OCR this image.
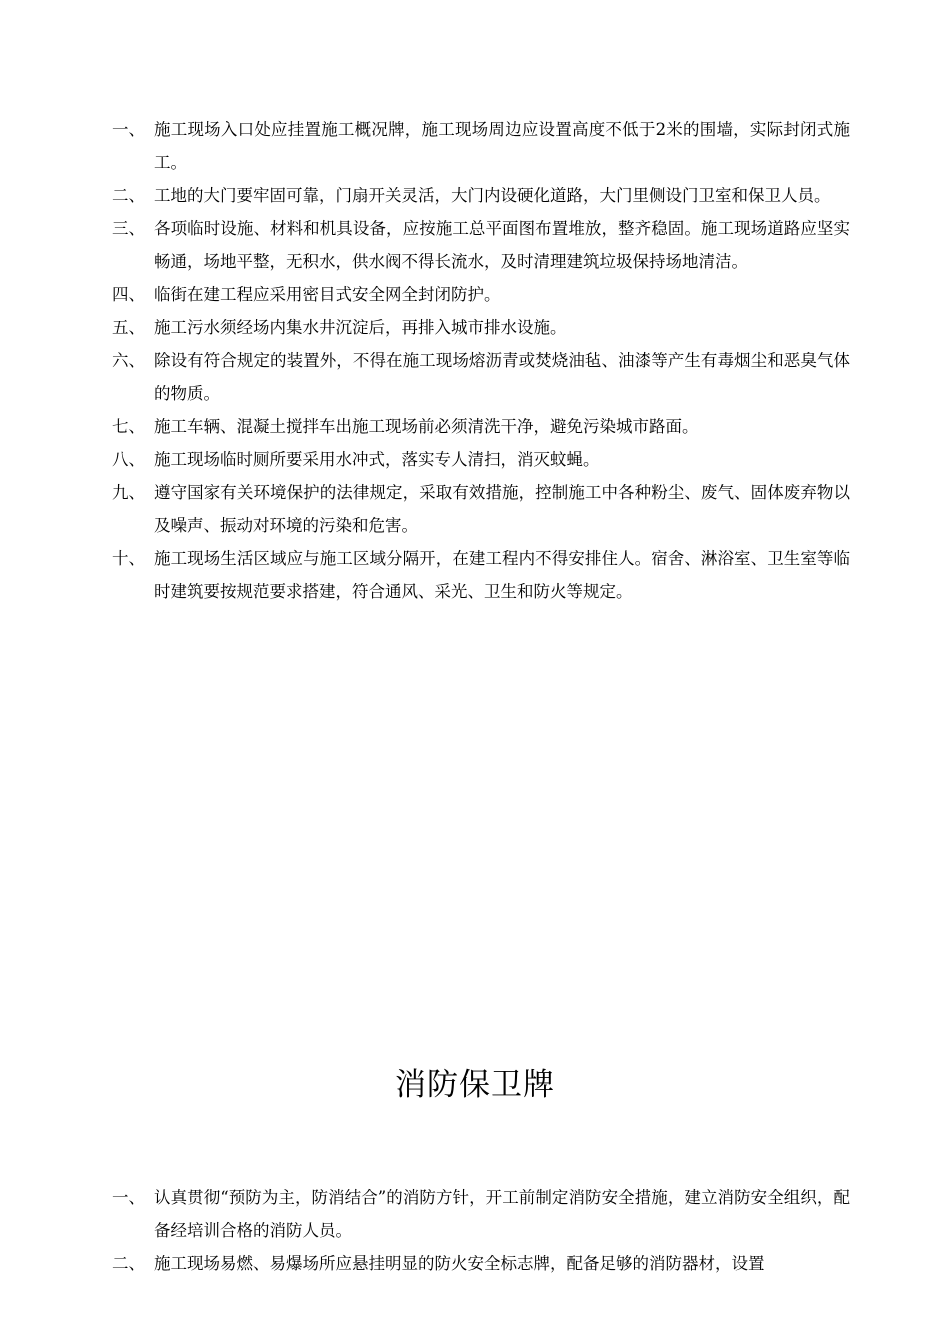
一、 施工现场入口处应挂置施工概况牌，施工现场周边应设置高度不低于2米的围墙，实际封闭式施工。
二、 工地的大门要牢固可靠，门扇开关灵活，大门内设硬化道路，大门里侧设门卫室和保卫人员。
三、 各项临时设施、材料和机具设备，应按施工总平面图布置堆放，整齐稳固。施工现场道路应坚实畅通，场地平整，无积水，供水阀不得长流水，及时清理建筑垃圾保持场地清洁。
四、 临街在建工程应采用密目式安全网全封闭防护。
五、 施工污水须经场内集水井沉淀后，再排入城市排水设施。
六、 除设有符合规定的装置外，不得在施工现场熔沥青或焚烧油毡、油漆等产生有毒烟尘和恶臭气体的物质。
七、 施工车辆、混凝土搅拌车出施工现场前必须清洗干净，避免污染城市路面。
八、 施工现场临时厕所要采用水冲式，落实专人清扫，消灭蚊蝇。
九、 遵守国家有关环境保护的法律规定，采取有效措施，控制施工中各种粉尘、废气、固体废弃物以及噪声、振动对环境的污染和危害。
十、 施工现场生活区域应与施工区域分隔开，在建工程内不得安排住人。宿舍、淋浴室、卫生室等临时建筑要按规范要求搭建，符合通风、采光、卫生和防火等规定。
消防保卫牌
一、 认真贯彻“预防为主，防消结合”的消防方针，开工前制定消防安全措施，建立消防安全组织，配备经培训合格的消防人员。
二、 施工现场易燃、易爆场所应悬挂明显的防火安全标志牌，配备足够的消防器材，设置
